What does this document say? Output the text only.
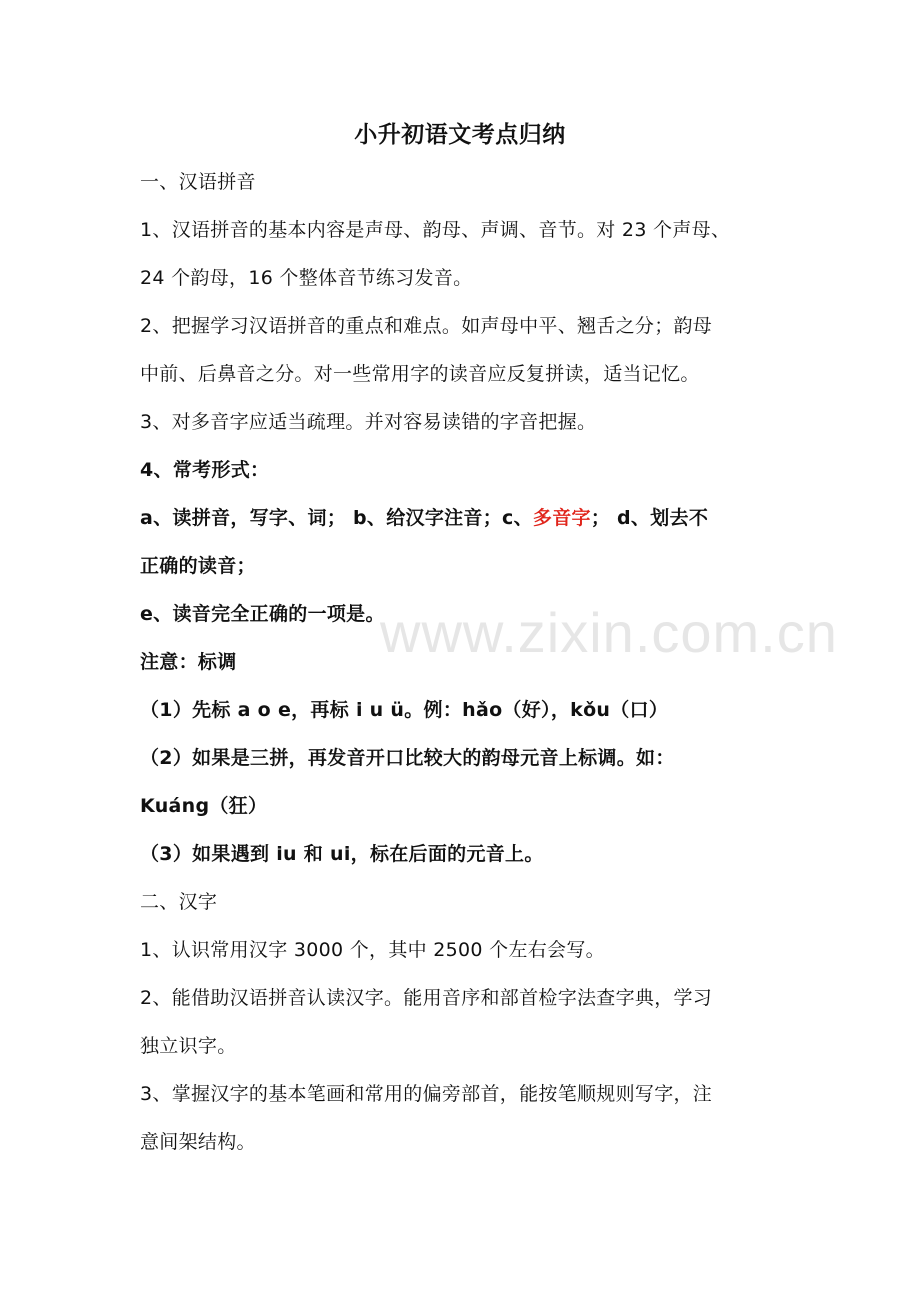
www.zixin.com.cn
小升初语文考点归纳
一、汉语拼音
1、汉语拼音的基本内容是声母、韵母、声调、音节。对 23 个声母、
24 个韵母，16 个整体音节练习发音。
2、把握学习汉语拼音的重点和难点。如声母中平、翘舌之分；韵母
中前、后鼻音之分。对一些常用字的读音应反复拼读，适当记忆。
3、对多音字应适当疏理。并对容易读错的字音把握。
4、常考形式：
a、读拼音，写字、词； b、给汉字注音；c、多音字； d、划去不
正确的读音；
e、读音完全正确的一项是。
注意：标调
（1）先标 a o e，再标 i u ü。例：hǎo（好），kǒu（口）
（2）如果是三拼，再发音开口比较大的韵母元音上标调。如：
Kuáng（狂）
（3）如果遇到 iu 和 ui，标在后面的元音上。
二、汉字
1、认识常用汉字 3000 个，其中 2500 个左右会写。
2、能借助汉语拼音认读汉字。能用音序和部首检字法查字典，学习
独立识字。
3、掌握汉字的基本笔画和常用的偏旁部首，能按笔顺规则写字，注
意间架结构。
